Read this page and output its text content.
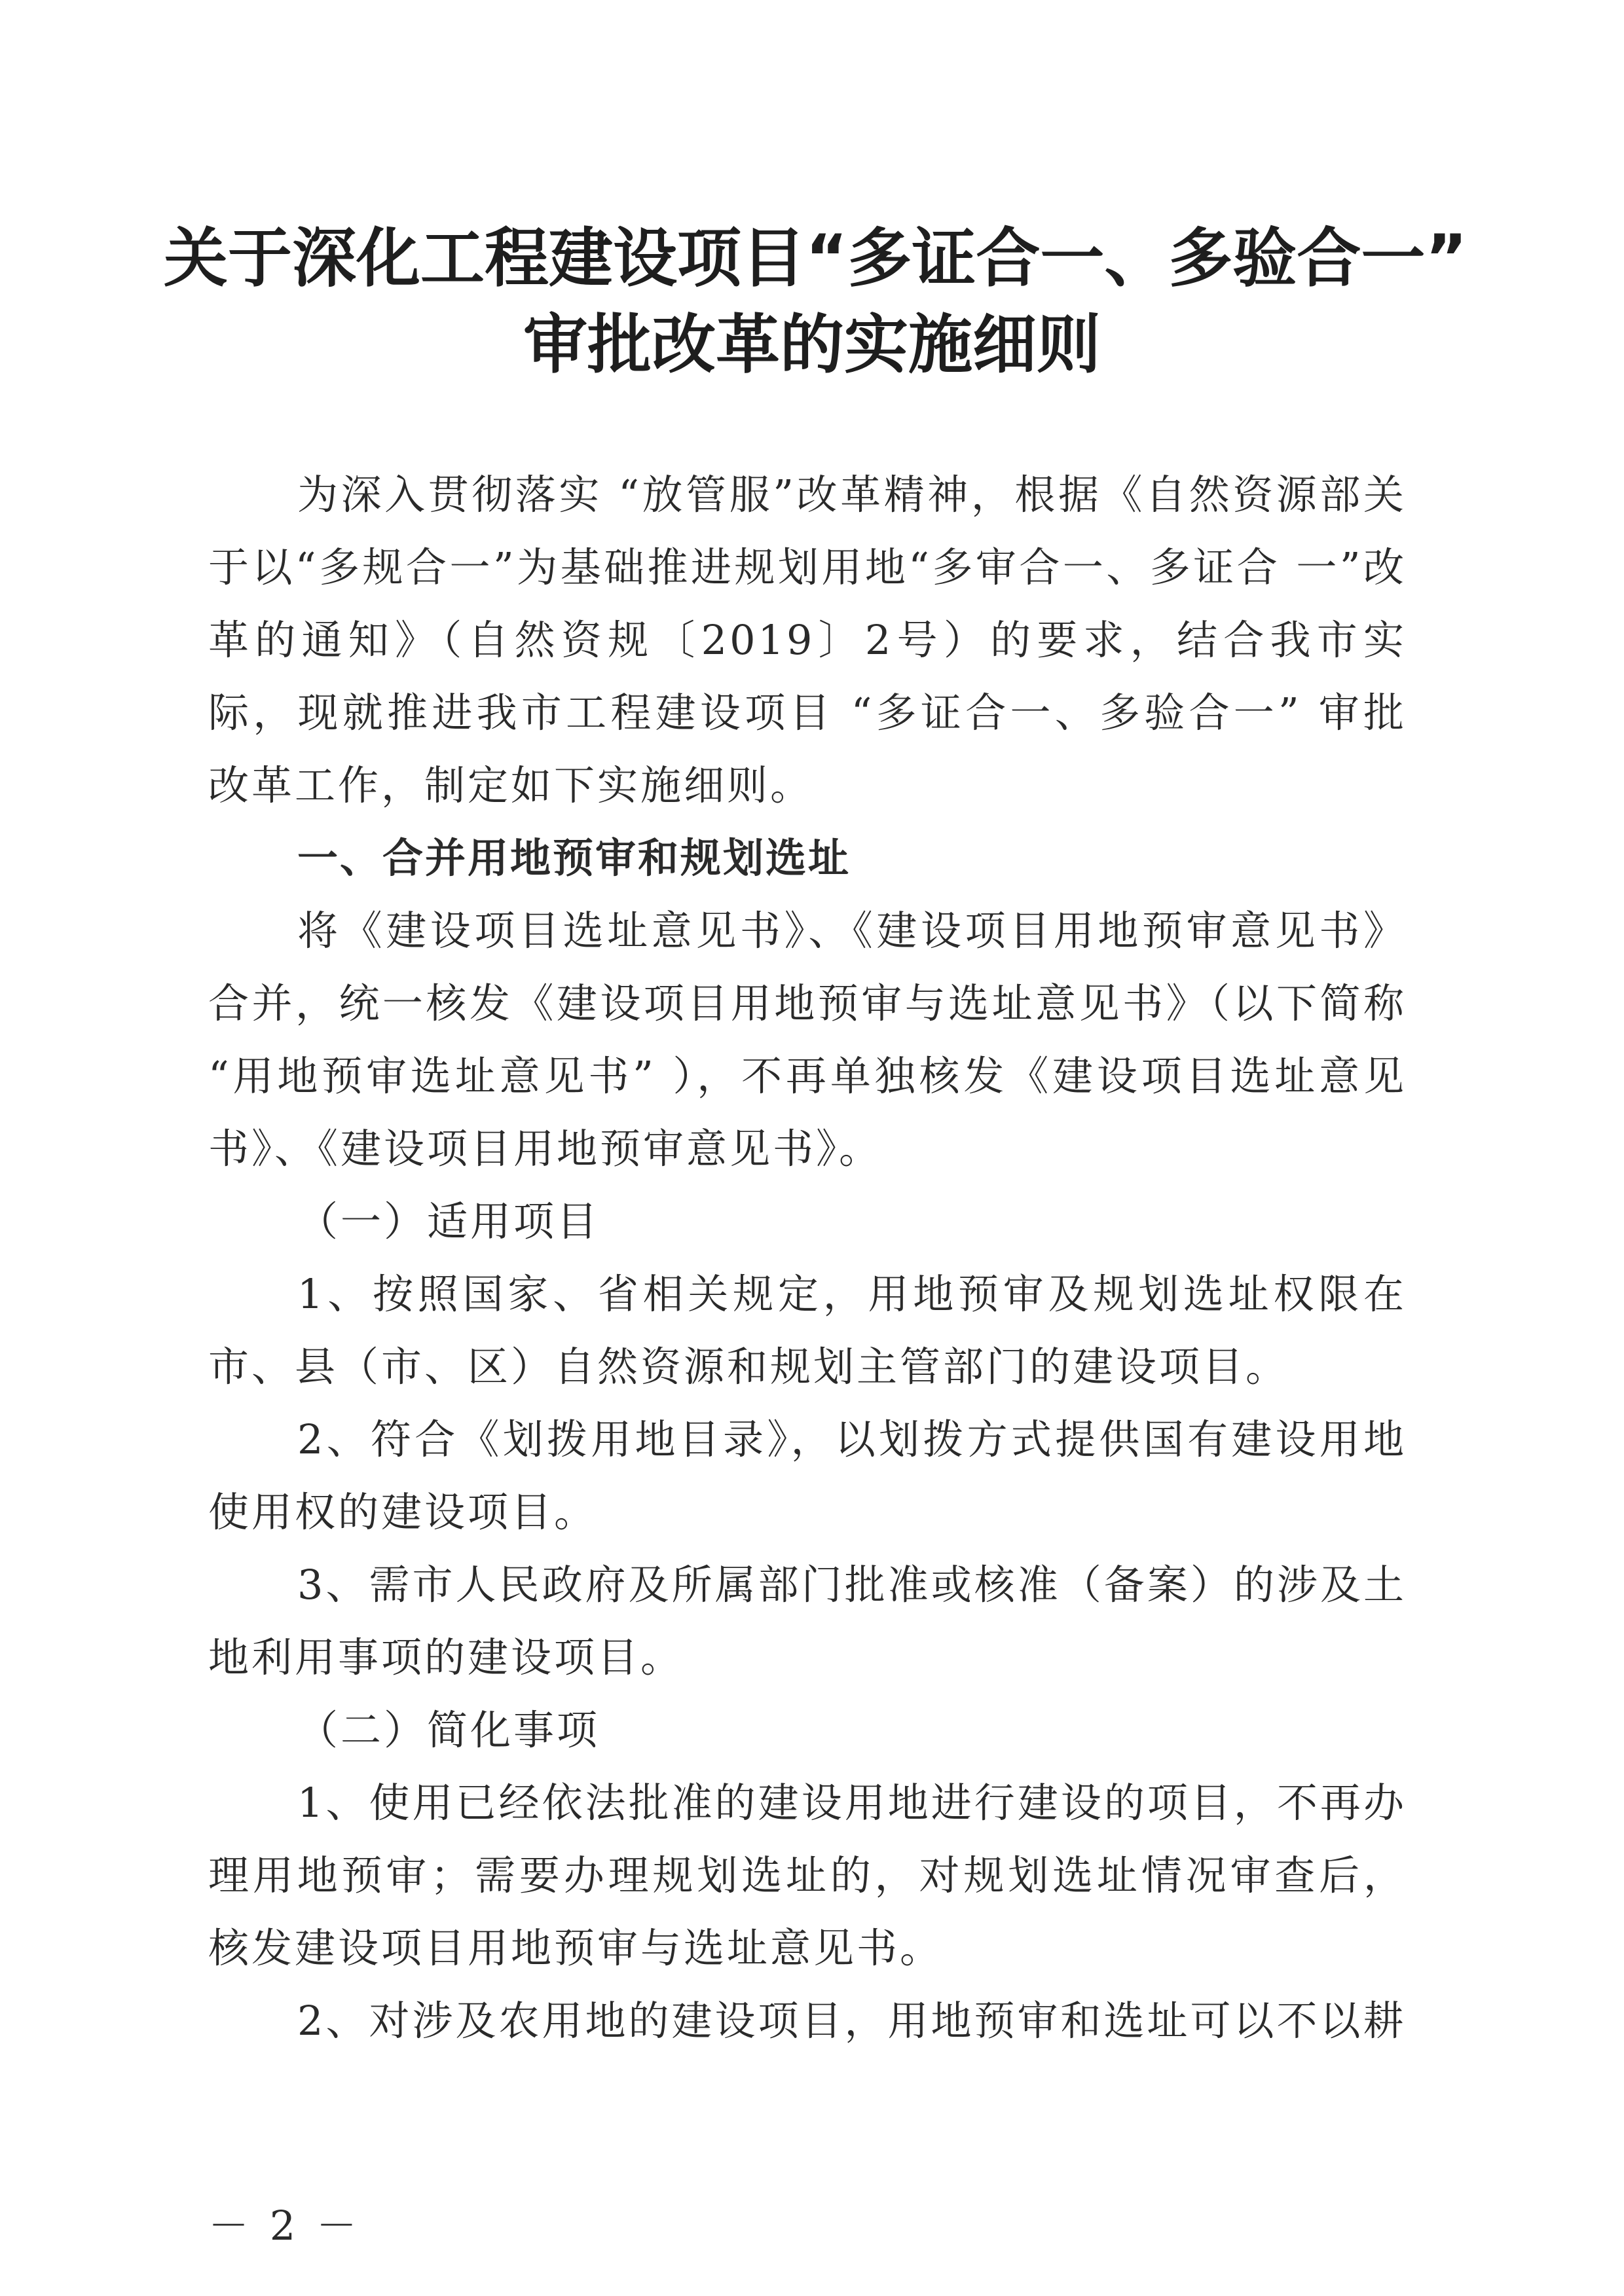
关于深化工程建设项目“多证合一、多验合一”
审批改革的实施细则

为深入贯彻落实 “放管服”改革精神，根据《自然资源部关于以“多规合一”为基础推进规划用地“多审合一、多证合 一”改革的通知》（自然资规〔2019〕2号）的要求，结合我市实际，现就推进我市工程建设项目 “多证合一、多验合一” 审批改革工作，制定如下实施细则。

一、合并用地预审和规划选址

将《建设项目选址意见书》、《建设项目用地预审意见书》合并，统一核发《建设项目用地预审与选址意见书》（以下简称 “用地预审选址意见书” ），不再单独核发《建设项目选址意见书》、《建设项目用地预审意见书》。

（一）适用项目

1、按照国家、省相关规定，用地预审及规划选址权限在市、县（市、区）自然资源和规划主管部门的建设项目。

2、符合《划拨用地目录》，以划拨方式提供国有建设用地使用权的建设项目。

3、需市人民政府及所属部门批准或核准（备案）的涉及土地利用事项的建设项目。

（二）简化事项

1、使用已经依法批准的建设用地进行建设的项目，不再办理用地预审；需要办理规划选址的，对规划选址情况审查后，核发建设项目用地预审与选址意见书。

2、对涉及农用地的建设项目，用地预审和选址可以不以耕

－ 2 －
